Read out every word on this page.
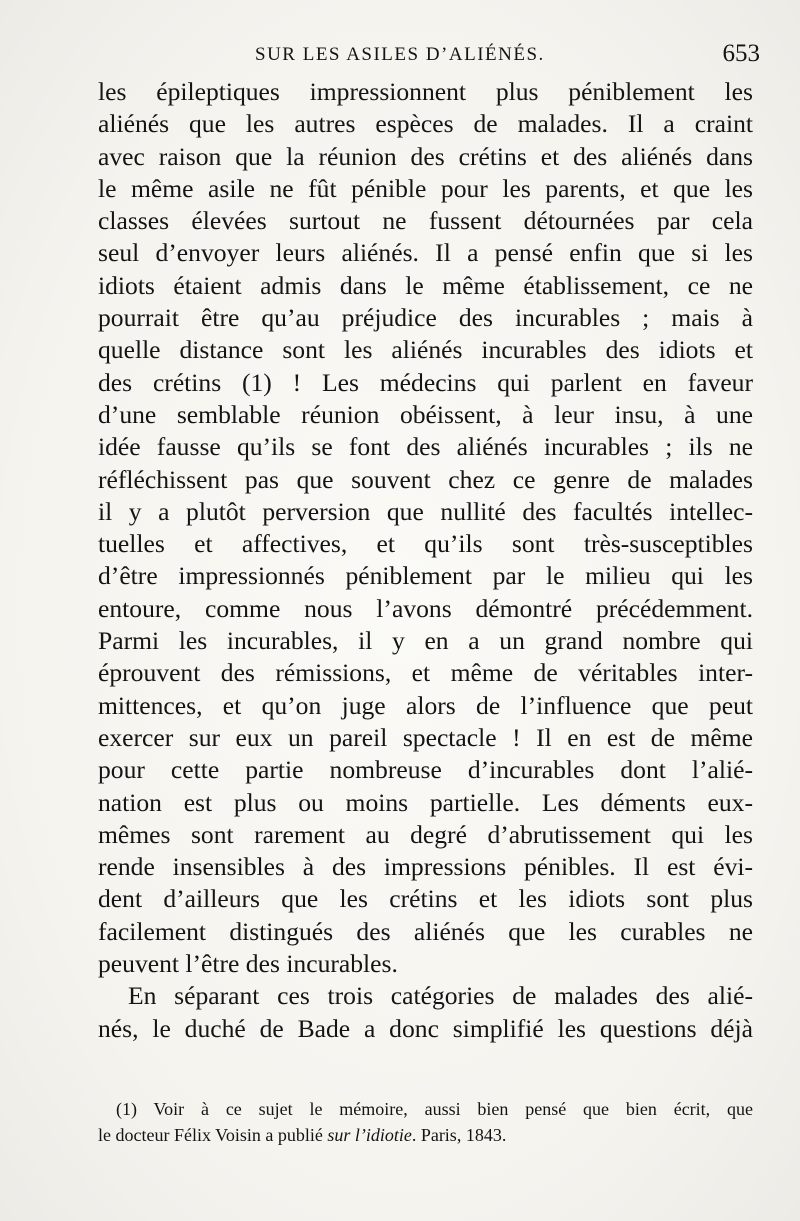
SUR LES ASILES D’ALIÉNÉS.	653
les épileptiques impressionnent plus péniblement les
aliénés que les autres espèces de malades. Il a craint
avec raison que la réunion des crétins et des aliénés dans
le même asile ne fût pénible pour les parents, et que les
classes élevées surtout ne fussent détournées par cela
seul d’envoyer leurs aliénés. Il a pensé enfin que si les
idiots étaient admis dans le même établissement, ce ne
pourrait être qu’au préjudice des incurables ; mais à
quelle distance sont les aliénés incurables des idiots et
des crétins (1) ! Les médecins qui parlent en faveur
d’une semblable réunion obéissent, à leur insu, à une
idée fausse qu’ils se font des aliénés incurables ; ils ne
réfléchissent pas que souvent chez ce genre de malades
il y a plutôt perversion que nullité des facultés intellec-
tuelles et affectives, et qu’ils sont très-susceptibles
d’être impressionnés péniblement par le milieu qui les
entoure, comme nous l’avons démontré précédemment.
Parmi les incurables, il y en a un grand nombre qui
éprouvent des rémissions, et même de véritables inter-
mittences, et qu’on juge alors de l’influence que peut
exercer sur eux un pareil spectacle ! Il en est de même
pour cette partie nombreuse d’incurables dont l’alié-
nation est plus ou moins partielle. Les déments eux-
mêmes sont rarement au degré d’abrutissement qui les
rende insensibles à des impressions pénibles. Il est évi-
dent d’ailleurs que les crétins et les idiots sont plus
facilement distingués des aliénés que les curables ne
peuvent l’être des incurables.
En séparant ces trois catégories de malades des alié-
nés, le duché de Bade a donc simplifié les questions déjà
(1) Voir à ce sujet le mémoire, aussi bien pensé que bien écrit, que
le docteur Félix Voisin a publié sur l’idiotie. Paris, 1843.
